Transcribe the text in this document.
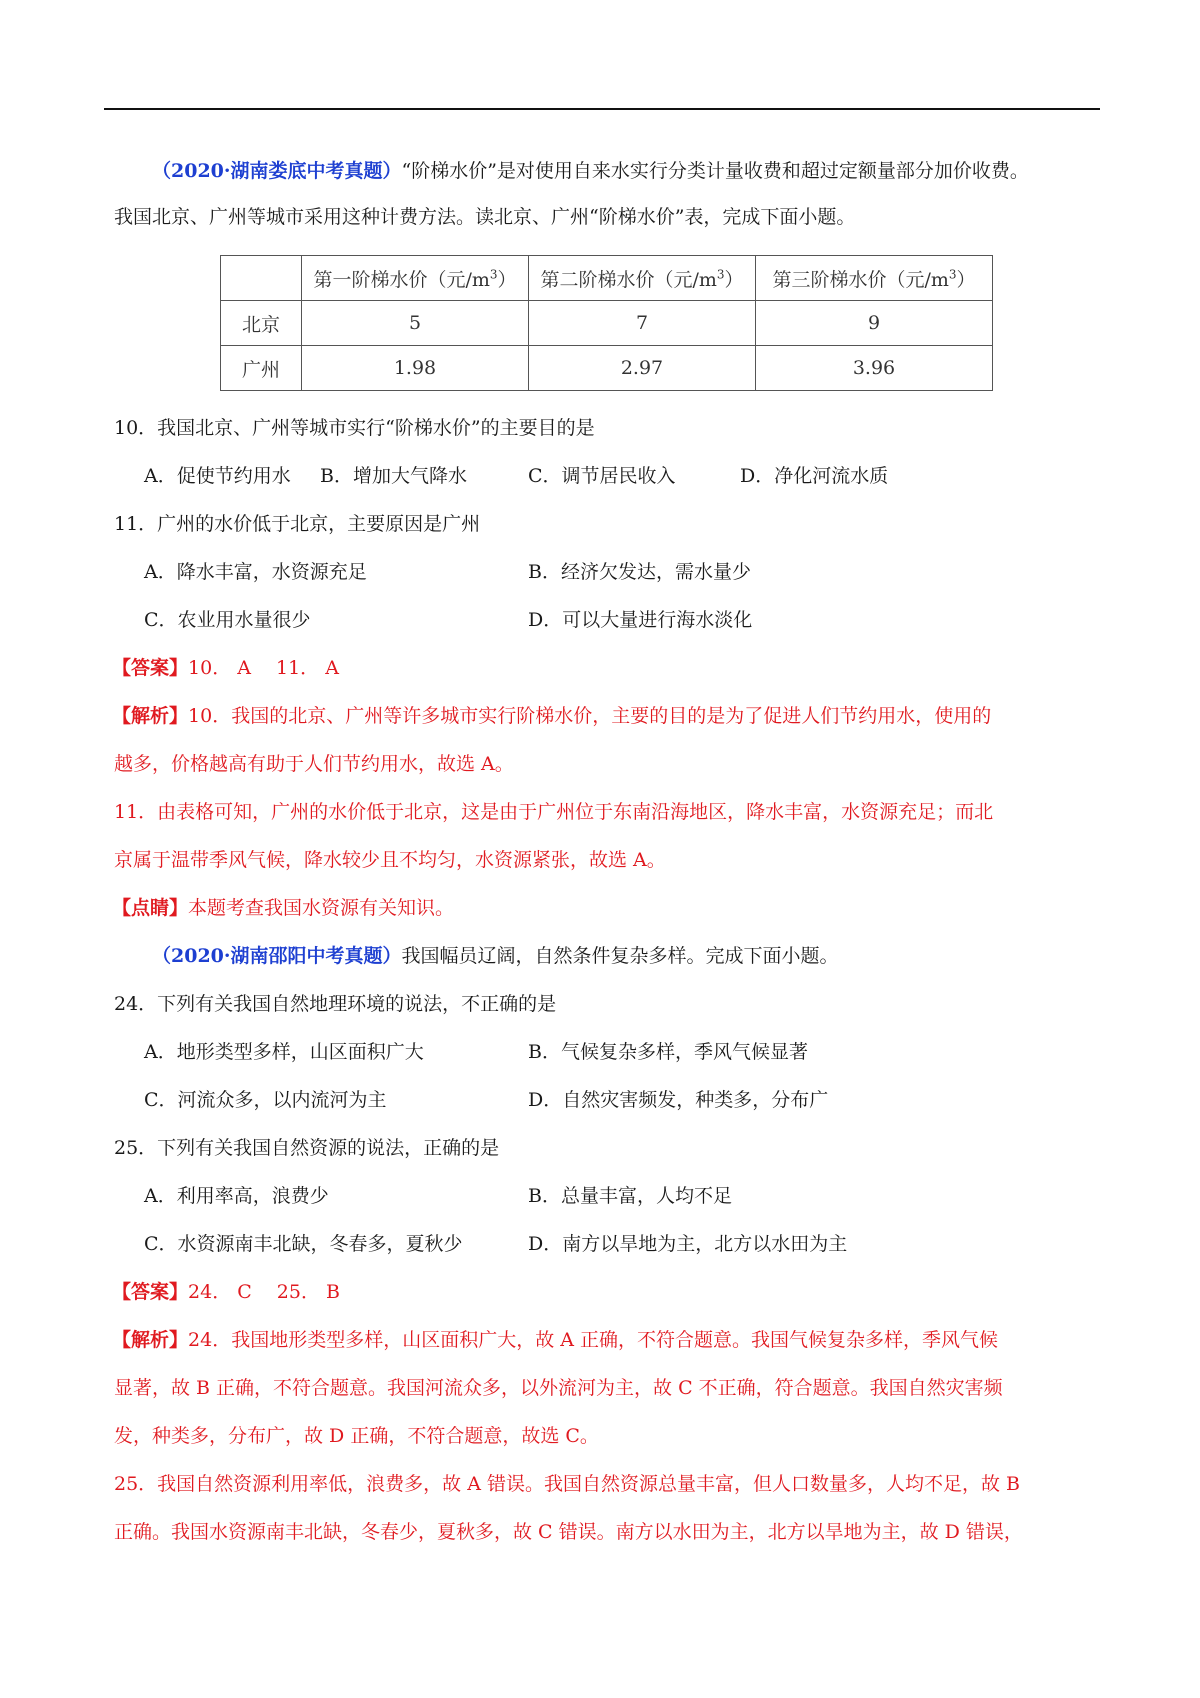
（2020·湖南娄底中考真题）“阶梯水价”是对使用自来水实行分类计量收费和超过定额量部分加价收费。
我国北京、广州等城市采用这种计费方法。读北京、广州“阶梯水价”表，完成下面小题。
	第一阶梯水价（元$/m^3$）	第二阶梯水价（元$/m^3$）	第三阶梯水价（元$/m^3$）
北京	5	7	9
广州	1.98	2.97	3.96
10．我国北京、广州等城市实行“阶梯水价”的主要目的是
A．促使节约用水 B．增加大气降水	C．调节居民收入	D．净化河流水质
11．广州的水价低于北京，主要原因是广州
A．降水丰富，水资源充足	B．经济欠发达，需水量少
C．农业用水量很少	D．可以大量进行海水淡化
【答案】10． A　 11． A
【解析】10．我国的北京、广州等许多城市实行阶梯水价，主要的目的是为了促进人们节约用水，使用的
越多，价格越高有助于人们节约用水，故选 A。
11．由表格可知，广州的水价低于北京，这是由于广州位于东南沿海地区，降水丰富，水资源充足；而北
京属于温带季风气候，降水较少且不均匀，水资源紧张，故选 A。
【点睛】本题考查我国水资源有关知识。
（2020·湖南邵阳中考真题）我国幅员辽阔，自然条件复杂多样。完成下面小题。
24．下列有关我国自然地理环境的说法，不正确的是
A．地形类型多样，山区面积广大	B．气候复杂多样，季风气候显著
C．河流众多，以内流河为主	D．自然灾害频发，种类多，分布广
25．下列有关我国自然资源的说法，正确的是
A．利用率高，浪费少	B．总量丰富，人均不足
C．水资源南丰北缺，冬春多，夏秋少	D．南方以旱地为主，北方以水田为主
【答案】24． C　 25． B
【解析】24．我国地形类型多样，山区面积广大，故 A 正确，不符合题意。我国气候复杂多样，季风气候
显著，故 B 正确，不符合题意。我国河流众多，以外流河为主，故 C 不正确，符合题意。我国自然灾害频
发，种类多，分布广，故 D 正确，不符合题意，故选 C。
25．我国自然资源利用率低，浪费多，故 A 错误。我国自然资源总量丰富，但人口数量多，人均不足，故 B
正确。我国水资源南丰北缺，冬春少，夏秋多，故 C 错误。南方以水田为主，北方以旱地为主，故 D 错误，
